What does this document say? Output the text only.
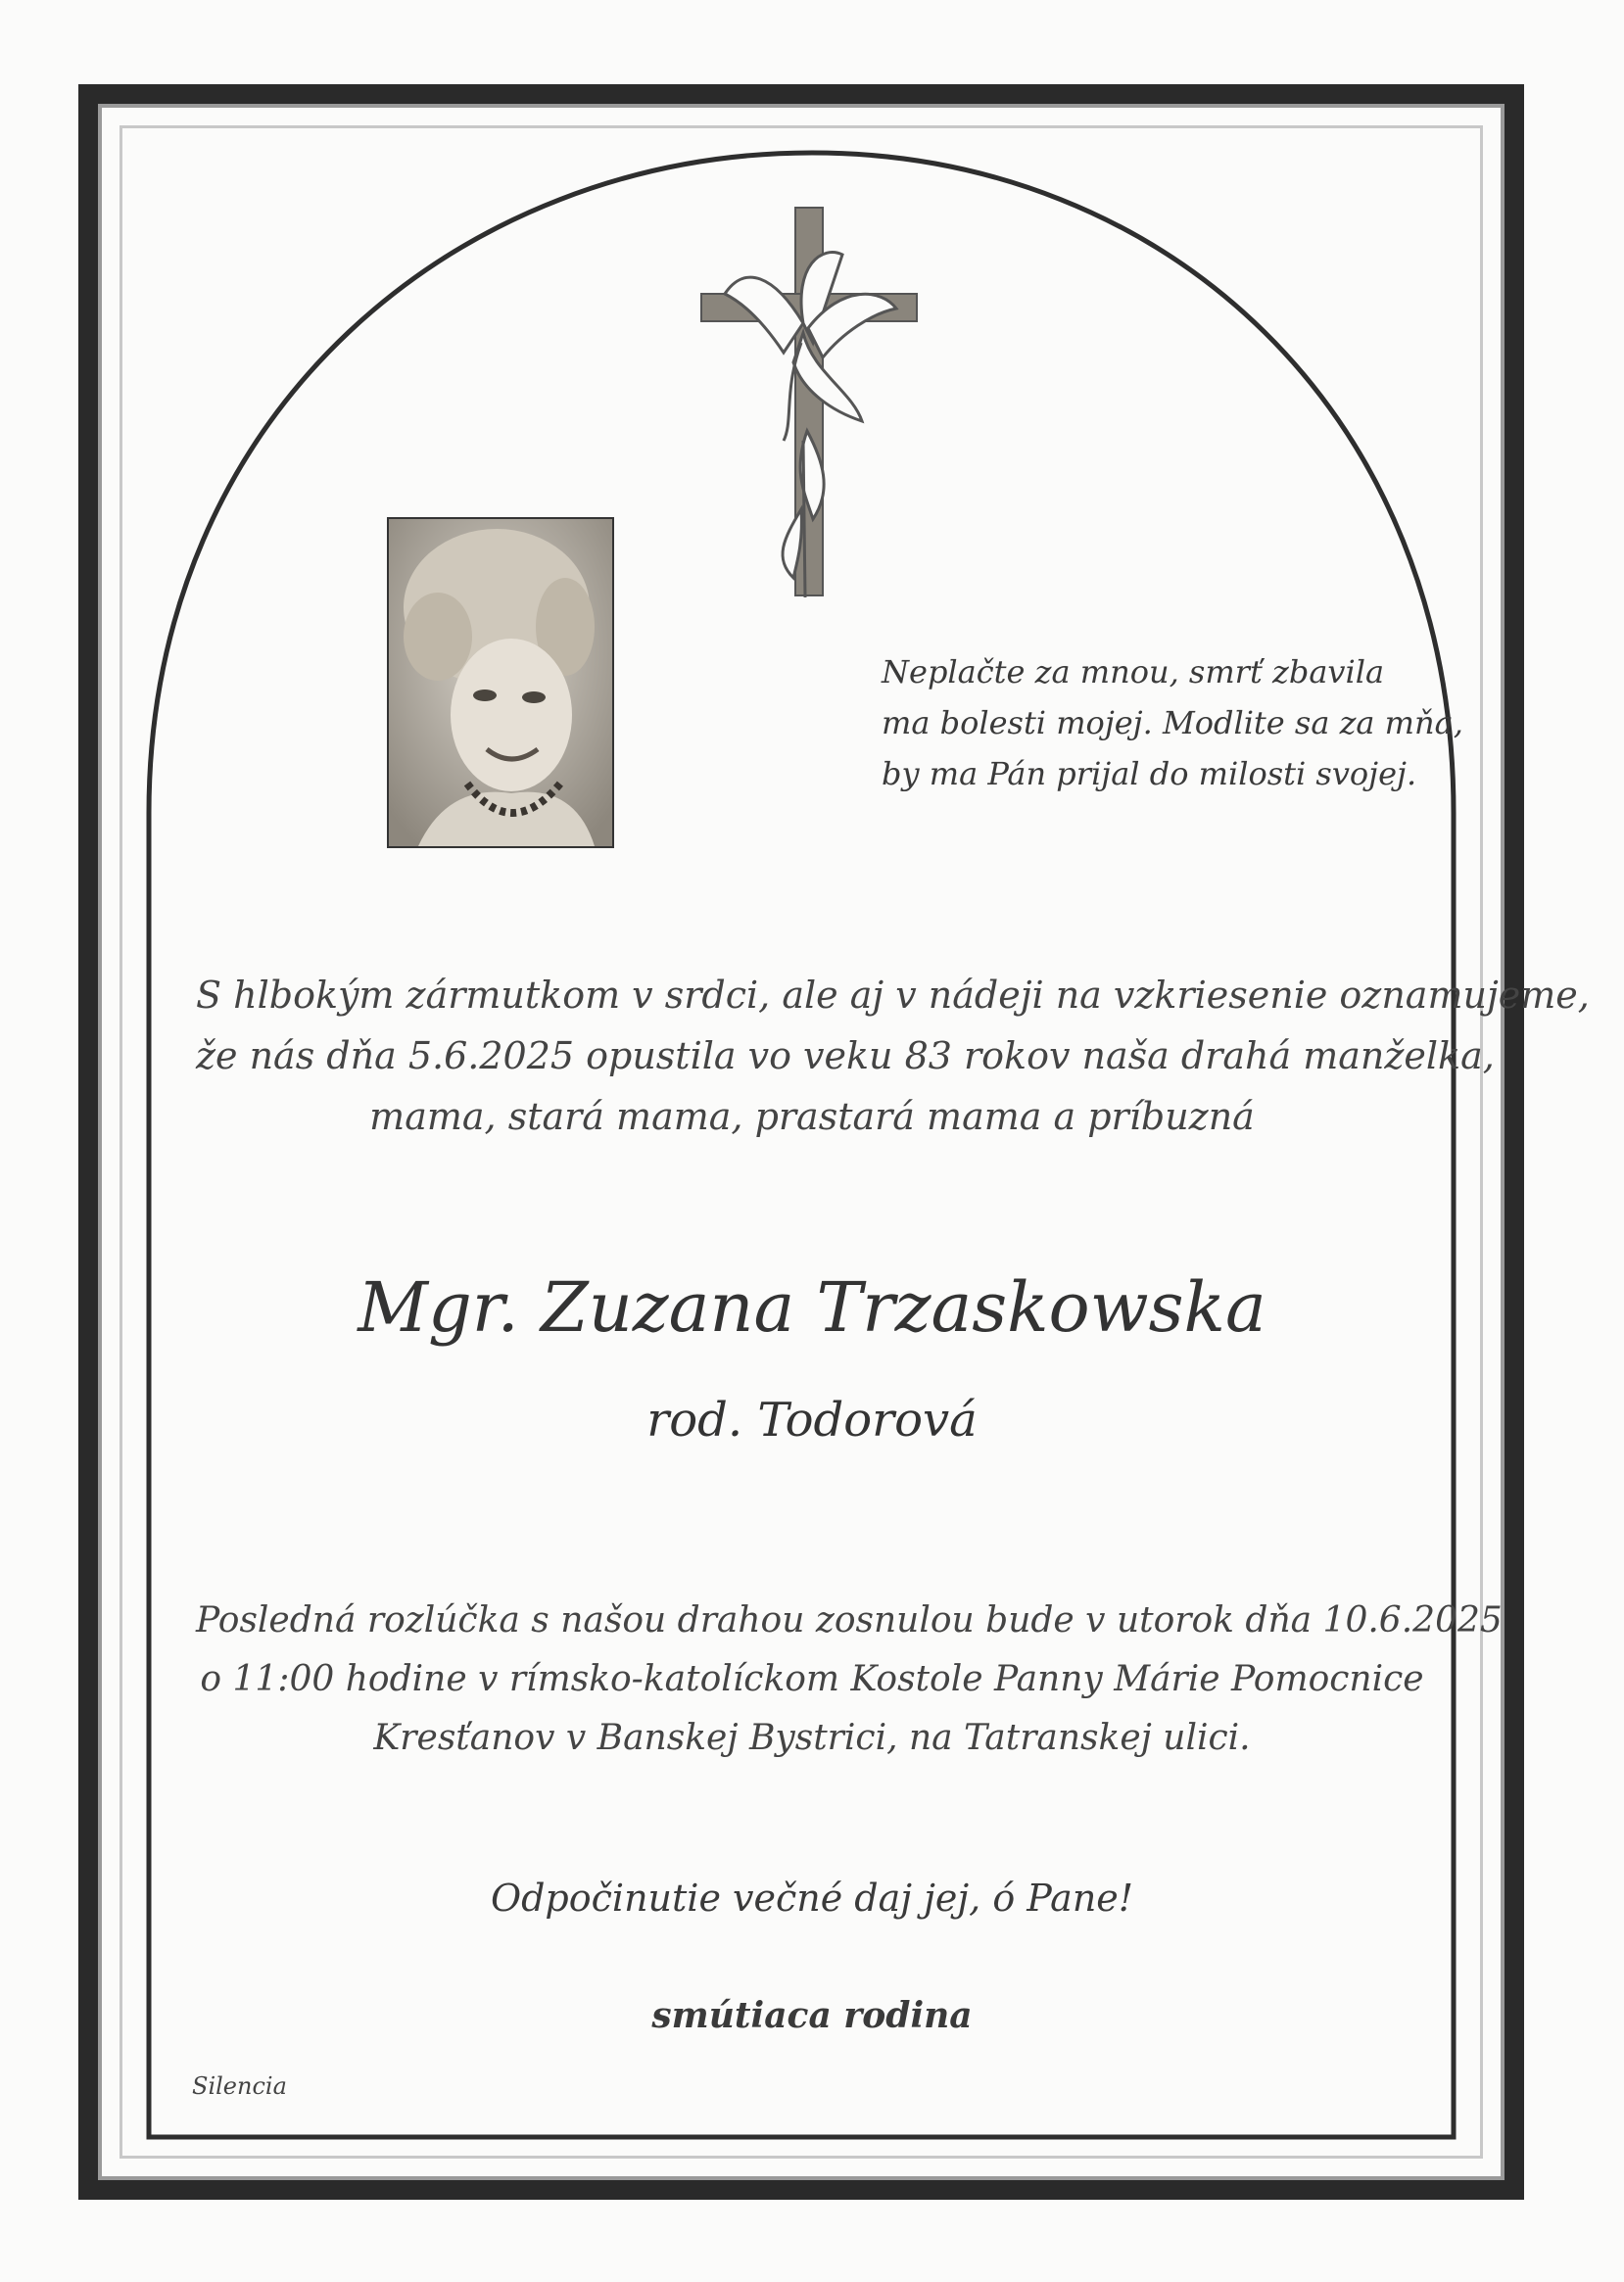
Neplačte za mnou, smrť zbavila
ma bolesti mojej. Modlite sa za mňa,
by ma Pán prijal do milosti svojej.
S hlbokým zármutkom v srdci, ale aj v nádeji na vzkriesenie oznamujeme,
že nás dňa 5.6.2025 opustila vo veku 83 rokov naša drahá manželka,
mama, stará mama, prastará mama a príbuzná
Mgr. Zuzana Trzaskowska
rod. Todorová
Posledná rozlúčka s našou drahou zosnulou bude v utorok dňa 10.6.2025
o 11:00 hodine v rímsko-katolíckom Kostole Panny Márie Pomocnice
Kresťanov v Banskej Bystrici, na Tatranskej ulici.
Odpočinutie večné daj jej, ó Pane!
smútiaca rodina
Silencia
